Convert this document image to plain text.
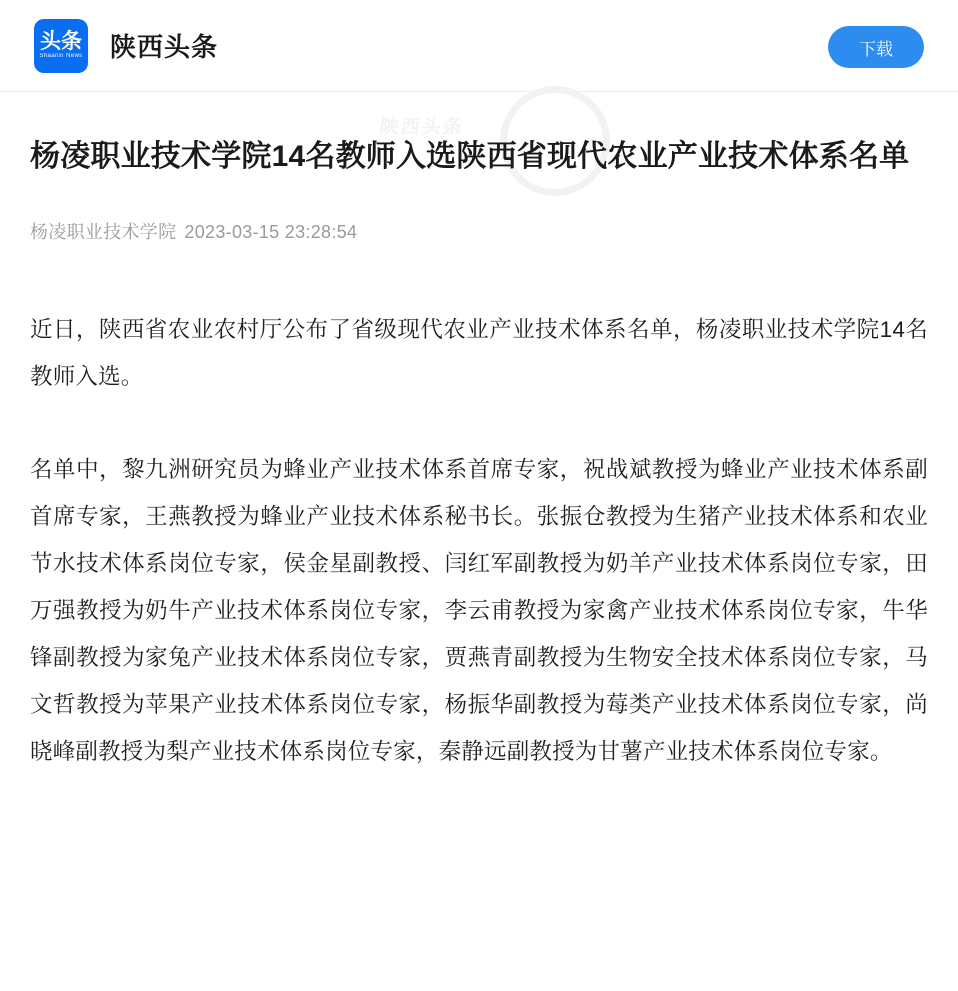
头条
Shaanxi News 陕西头条	下载
陕西头条
杨凌职业技术学院14名教师入选陕西省现代农业产业技术体系名单
杨凌职业技术学院 2023-03-15 23:28:54

近日，陕西省农业农村厅公布了省级现代农业产业技术体系名单，杨凌职业技术学院14名教师入选。

名单中，黎九洲研究员为蜂业产业技术体系首席专家，祝战斌教授为蜂业产业技术体系副首席专家，王燕教授为蜂业产业技术体系秘书长。张振仓教授为生猪产业技术体系和农业节水技术体系岗位专家，侯金星副教授、闫红军副教授为奶羊产业技术体系岗位专家，田万强教授为奶牛产业技术体系岗位专家，李云甫教授为家禽产业技术体系岗位专家，牛华锋副教授为家兔产业技术体系岗位专家，贾燕青副教授为生物安全技术体系岗位专家，马文哲教授为苹果产业技术体系岗位专家，杨振华副教授为莓类产业技术体系岗位专家，尚晓峰副教授为梨产业技术体系岗位专家，秦静远副教授为甘薯产业技术体系岗位专家。
